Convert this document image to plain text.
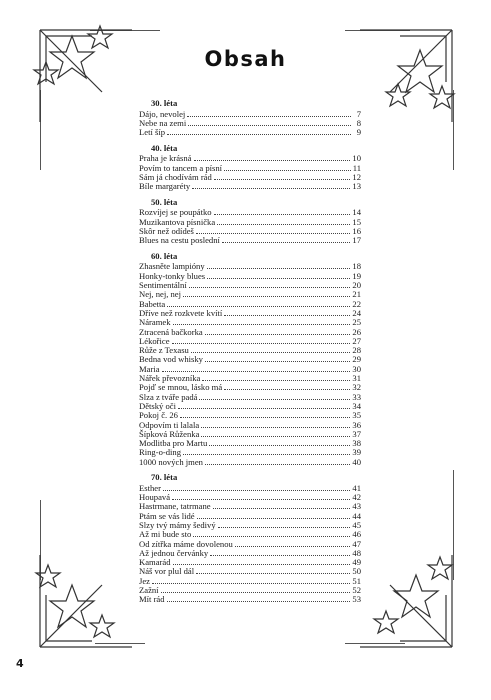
Obsah
30. léta
Dájo, nevolej	7
Nebe na zemi	8
Letí šíp	9
40. léta
Praha je krásná	10
Povím to tancem a písní	11
Sám já chodívám rád	12
Bíle margaréty	13
50. léta
Rozvíjej se poupátko	14
Muzikantova písnička	15
Skôr než odídeš	16
Blues na cestu poslední	17
60. léta
Zhasněte lampióny	18
Honky-tonky blues	19
Sentimentální	20
Nej, nej, nej	21
Babetta	22
Dříve než rozkvete kvítí	24
Náramek	25
Ztracená bačkorka	26
Lékořice	27
Růže z Texasu	28
Bedna vod whisky	29
Maria	30
Nářek převozníka	31
Pojď se mnou, lásko má	32
Slza z tváře padá	33
Dětský oči	34
Pokoj č. 26	35
Odpovím ti lalala	36
Šípková Růženka	37
Modlitba pro Martu	38
Ring-o-ding	39
1000 nových jmen	40
70. léta
Esther	41
Houpavá	42
Hastrmane, tatrmane	43
Ptám se vás lidé	44
Slzy tvý mámy šedivý	45
Až mi bude sto	46
Od zítřka máme dovolenou	47
Až jednou červánky	48
Kamarád	49
Náš vor plul dál	50
Jez	51
Zažní	52
Mít rád	53
4
